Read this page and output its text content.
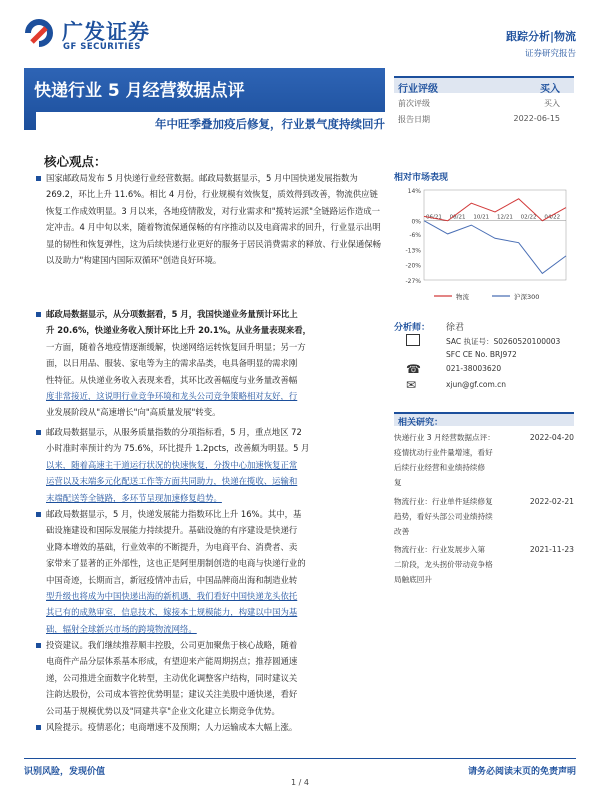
广发证券
GF SECURITIES
跟踪分析|物流
证券研究报告
快递行业 5 月经营数据点评
年中旺季叠加疫后修复，行业景气度持续回升
行业评级	买入
前次评级	买入
报告日期	2022-06-15
核心观点：
国家邮政局发布 5 月快递行业经营数据。邮政局数据显示，5 月中国快递发展指数为 269.2，环比上升 11.6%。相比 4 月份，行业规模有效恢复，质效得到改善，物流供应链恢复工作成效明显。3 月以来，各地疫情散发，对行业需求和"揽转运派"全链路运作造成一定冲击。4 月中旬以来，随着物流保通保畅的有序推动以及电商需求的回升，行业显示出明显的韧性和恢复弹性，这为后续快递行业更好的服务于居民消费需求的释放、行业保通保畅以及助力"构建国内国际双循环"创造良好环境。
邮政局数据显示，从分项数据看，5 月，我国快递业务量预计环比上
升 20.6%，快递业务收入预计环比上升 20.1%。从业务量表现来看，
一方面，随着各地疫情逐渐缓解，快递网络运转恢复回升明显；另一方
面，以日用品、服装、家电等为主的需求品类，电具备明显的需求刚
性特征。从快递业务收入表现来看，其环比改善幅度与业务量改善幅
度非常接近，这说明行业竞争环境和龙头公司竞争策略相对友好，行
业发展阶段从"高速增长"向"高质量发展"转变。
邮政局数据显示，从服务质量指数的分项指标看，5 月，重点地区 72
小时准时率预计约为 75.6%，环比提升 1.2pcts，改善颇为明显。5 月
以来，随着高速主干道运行状况的快速恢复，分拨中心加速恢复正常
运营以及末端多元化配送工作等方面共同助力，快递在揽收、运输和
末端配送等全链路，多环节呈现加速修复趋势。
邮政局数据显示，5 月，快递发展能力指数环比上升 16%。其中，基
础设施建设和国际发展能力持续提升。基础设施的有序建设是快递行
业降本增效的基础，行业效率的不断提升，为电商平台、消费者、卖
家带来了显著的正外部性，这也正是阿里朋制创造的电商与快递行业的
中国奇迹，长期而言，新冠疫情冲击后，中国品牌商出海和制造业转
型升级也将成为中国快递出海的新机遇，我们看好中国快递龙头依托
其已有的成熟审室，信息技术，嫁接本土规模能力，构建以中国为基
础，辐射全球新兴市场的跨境物流网络。
投资建议。我们继续推荐顺丰控股，公司更加聚焦于核心战略，随着
电商件产品分层体系基本形成，有望迎来产能周期拐点；推荐圆通速
递，公司推进全面数字化转型，主动优化调整客户结构，同时建议关
注韵达股份，公司成本管控优势明显；建议关注美股中通快递，看好
公司基于规模优势以及"同建共享"企业文化建立长期竞争优势。
风险提示。疫情恶化；电商增速不及预期；人力运输成本大幅上涨。
相对市场表现
14%
0%
-6%
-13%
-20%
-27%
06/21 08/21 10/21 12/21 02/22 04/22
物流	沪深300
分析师： 徐君
SAC 执证号：S0260520100003
SFC CE No. BRJ972
☎	021-38003620
✉	xjun@gf.com.cn
相关研究：
快递行业 3 月经营数据点评：
疫情扰动行业件量增速，看好
后续行业经营和业绩持续修
复
2022-04-20
物流行业：行业单件延续修复
趋势，看好头部公司业绩持续
改善
2022-02-21
物流行业：行业发展步入第
二阶段，龙头拐价带动竞争格
局触底回升
2021-11-23
识别风险，发现价值	请务必阅读末页的免责声明
1 / 4
